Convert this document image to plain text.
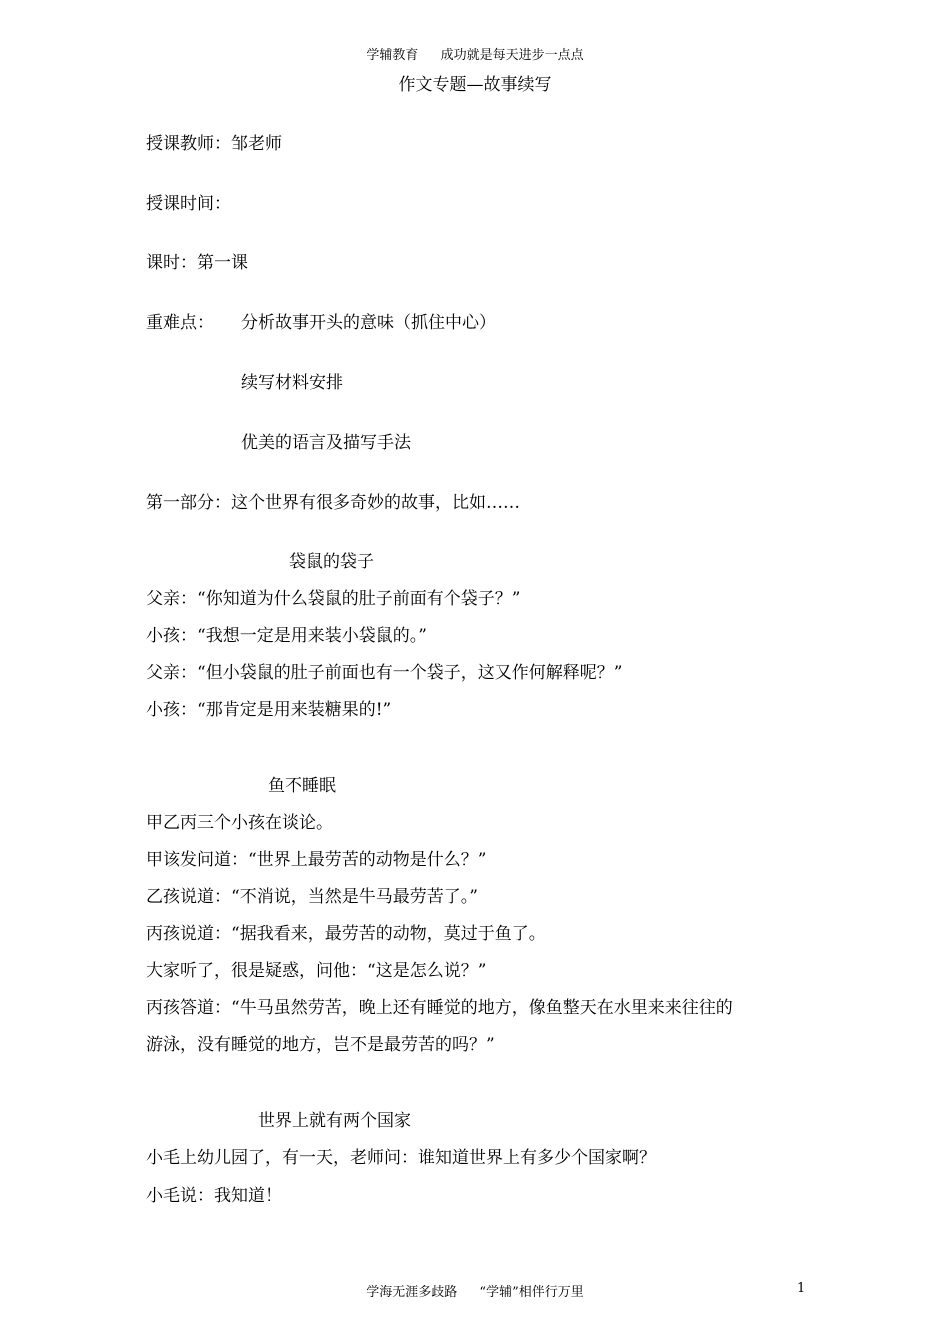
学辅教育 成功就是每天进步一点点
作文专题—故事续写
授课教师：邹老师
授课时间：
课时：第一课
重难点： 分析故事开头的意味（抓住中心）
续写材料安排
优美的语言及描写手法
第一部分：这个世界有很多奇妙的故事，比如……
袋鼠的袋子
父亲：“你知道为什么袋鼠的肚子前面有个袋子？”
小孩：“我想一定是用来装小袋鼠的。”
父亲：“但小袋鼠的肚子前面也有一个袋子，这又作何解释呢？”
小孩：“那肯定是用来装糖果的!”
鱼不睡眠
甲乙丙三个小孩在谈论。
甲该发问道：“世界上最劳苦的动物是什么？”
乙孩说道：“不消说，当然是牛马最劳苦了。”
丙孩说道：“据我看来，最劳苦的动物，莫过于鱼了。
大家听了，很是疑惑，问他：“这是怎么说？”
丙孩答道：“牛马虽然劳苦，晚上还有睡觉的地方，像鱼整天在水里来来往往的
游泳，没有睡觉的地方，岂不是最劳苦的吗？”
世界上就有两个国家
小毛上幼儿园了，有一天，老师问：谁知道世界上有多少个国家啊？
小毛说：我知道！
学海无涯多歧路 “学辅”相伴行万里	1
